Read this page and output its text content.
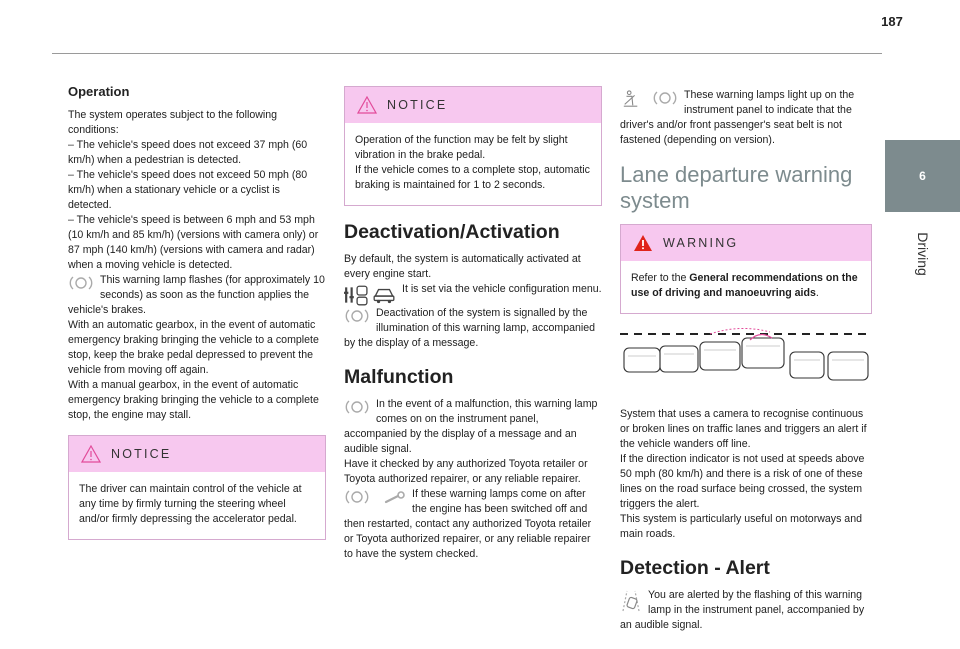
187
6
Driving
Operation

The system operates subject to the following conditions:

– The vehicle's speed does not exceed 37 mph (60 km/h) when a pedestrian is detected.

– The vehicle's speed does not exceed 50 mph (80 km/h) when a stationary vehicle or a cyclist is detected.

– The vehicle's speed is between 6 mph and 53 mph (10 km/h and 85 km/h) (versions with camera only) or 87 mph (140 km/h) (versions with camera and radar) when a moving vehicle is detected.

This warning lamp flashes (for approximately 10 seconds) as soon as the function applies the vehicle's brakes.

With an automatic gearbox, in the event of automatic emergency braking bringing the vehicle to a complete stop, keep the brake pedal depressed to prevent the vehicle from moving off again.

With a manual gearbox, in the event of automatic emergency braking bringing the vehicle to a complete stop, the engine may stall.

NOTICE
The driver can maintain control of the vehicle at any time by firmly turning the steering wheel and/or firmly depressing the accelerator pedal.
NOTICE

Operation of the function may be felt by slight vibration in the brake pedal.

If the vehicle comes to a complete stop, automatic braking is maintained for 1 to 2 seconds.

Deactivation/Activation

By default, the system is automatically activated at every engine start.

It is set via the vehicle configuration menu.
Deactivation of the system is signalled by the illumination of this warning lamp, accompanied by the display of a message.
Malfunction
In the event of a malfunction, this warning lamp comes on on the instrument panel, accompanied by the display of a message and an audible signal.

Have it checked by any authorized Toyota retailer or Toyota authorized repairer, or any reliable repairer.

If these warning lamps come on after the engine has been switched off and then restarted, contact any authorized Toyota retailer or Toyota authorized repairer, or any reliable repairer to have the system checked.
These warning lamps light up on the instrument panel to indicate that the driver's and/or front passenger's seat belt is not fastened (depending on version).
Lane departure warning system
WARNING
Refer to the General recommendations on the use of driving and manoeuvring aids.

System that uses a camera to recognise continuous or broken lines on traffic lanes and triggers an alert if the vehicle wanders off line.

If the direction indicator is not used at speeds above 50 mph (80 km/h) and there is a risk of one of these lines on the road surface being crossed, the system triggers the alert.

This system is particularly useful on motorways and main roads.

Detection - Alert
You are alerted by the flashing of this warning lamp in the instrument panel, accompanied by an audible signal.
